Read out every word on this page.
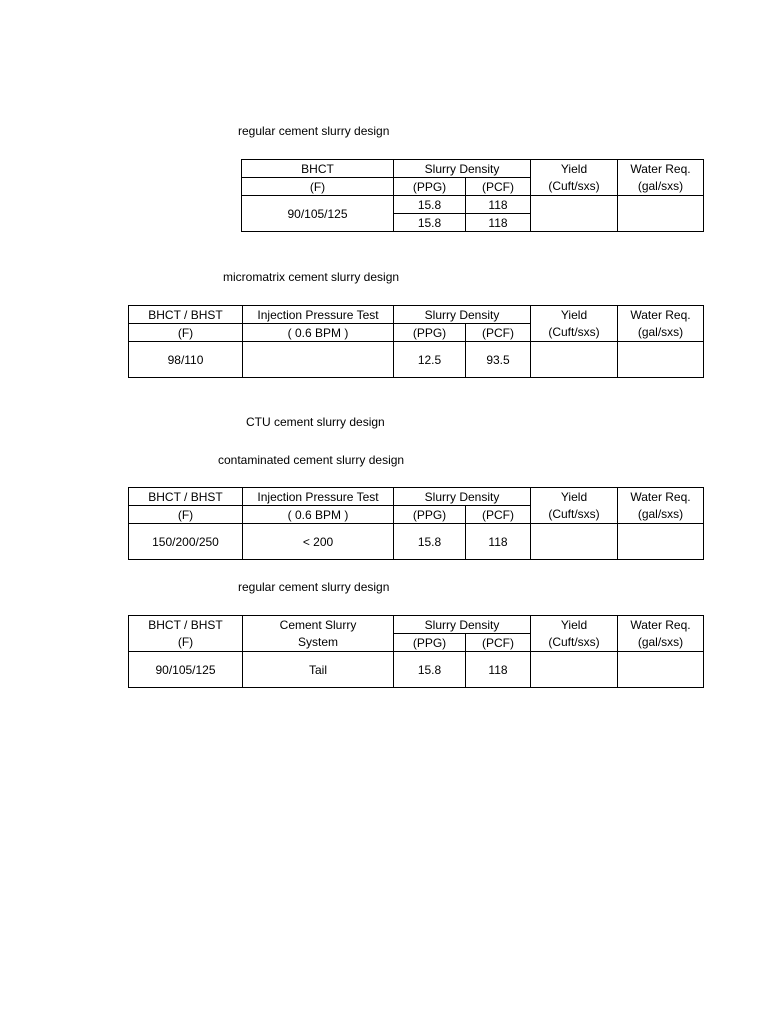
regular cement slurry design
BHCT	Slurry Density		Yield	Water Req.
(F)	(PPG)	(PCF)	(Cuft/sxs)	(gal/sxs)
90/105/125	15.8	118		
	15.8	118		
micromatrix cement slurry design
BHCT / BHST	Injection Pressure Test	Slurry Density		Yield	Water Req.
(F)	( 0.6 BPM )	(PPG)	(PCF)	(Cuft/sxs)	(gal/sxs)
98/110		12.5	93.5		
CTU cement slurry design
contaminated cement slurry design
BHCT / BHST	Injection Pressure Test	Slurry Density		Yield	Water Req.
(F)	( 0.6 BPM )	(PPG)	(PCF)	(Cuft/sxs)	(gal/sxs)
150/200/250	< 200	15.8	118		
regular cement slurry design
BHCT / BHST	Cement Slurry	Slurry Density		Yield	Water Req.
(F)	System	(PPG)	(PCF)	(Cuft/sxs)	(gal/sxs)
90/105/125	Tail	15.8	118		
